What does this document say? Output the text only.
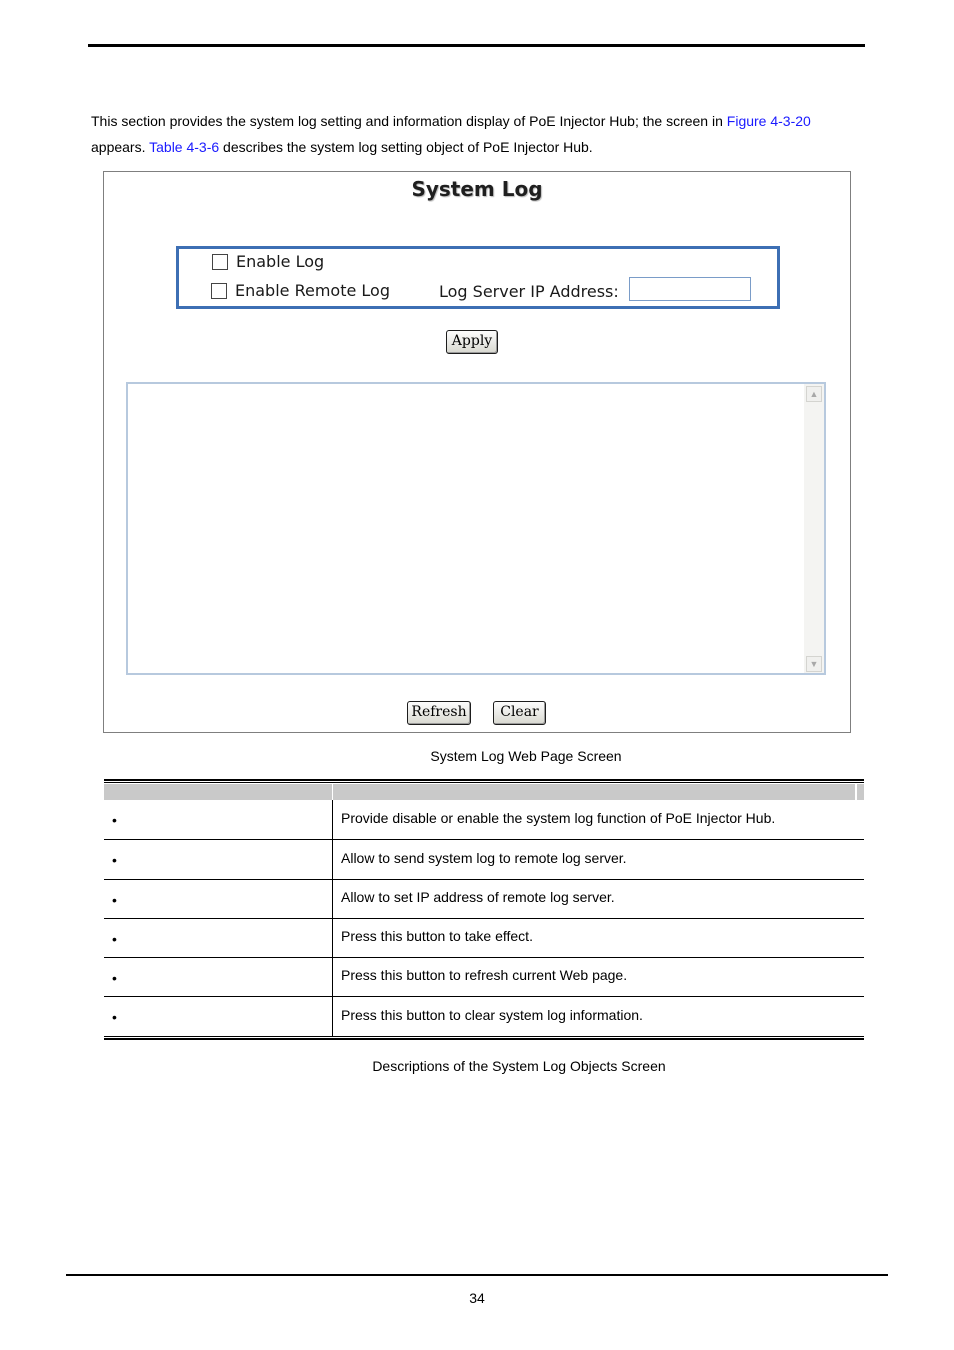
This section provides the system log setting and information display of PoE Injector Hub; the screen in Figure 4-3-20
appears. Table 4-3-6 describes the system log setting object of PoE Injector Hub.
System Log
Enable Log
Enable Remote Log	Log Server IP Address:
Apply
▲
▼
Refresh	Clear
System Log Web Page Screen
•	Provide disable or enable the system log function of PoE Injector Hub.
•	Allow to send system log to remote log server.
•	Allow to set IP address of remote log server.
•	Press this button to take effect.
•	Press this button to refresh current Web page.
•	Press this button to clear system log information.
Descriptions of the System Log Objects Screen
34
